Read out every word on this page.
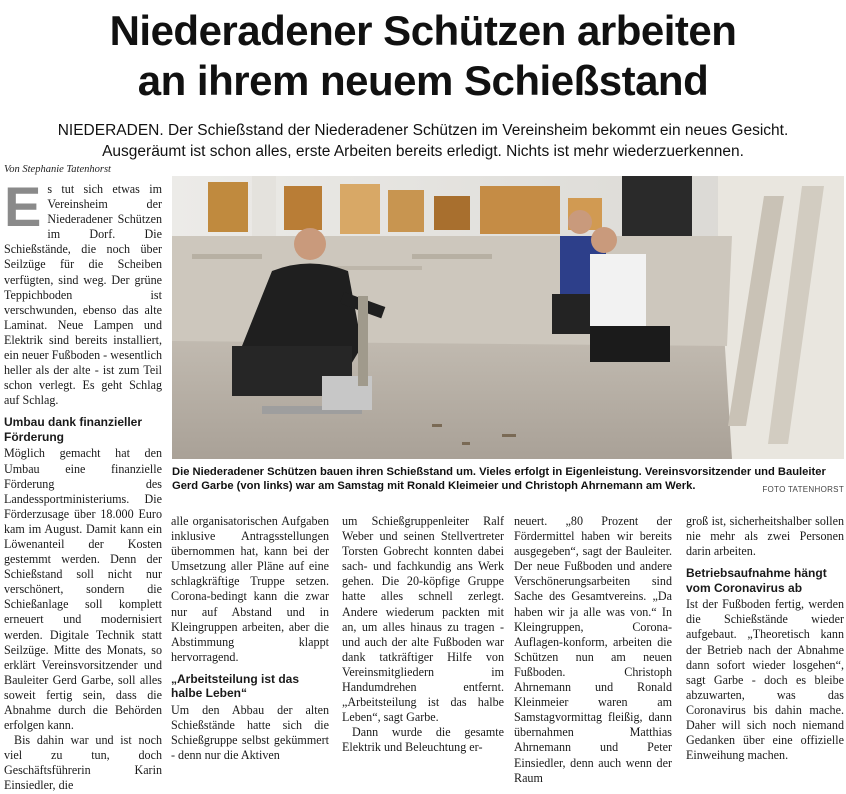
Niederadener Schützen arbeiten
an ihrem neuem Schießstand
NIEDERADEN. Der Schießstand der Niederadener Schützen im Vereinsheim bekommt ein neues Gesicht.
Ausgeräumt ist schon alles, erste Arbeiten bereits erledigt. Nichts ist mehr wiederzuerkennen.
Von Stephanie Tatenhorst

Es tut sich etwas im Vereinsheim der Niederadener Schützen im Dorf. Die Schießstände, die noch über Seilzüge für die Scheiben verfügten, sind weg. Der grüne Teppichboden ist verschwunden, ebenso das alte Laminat. Neue Lampen und Elektrik sind bereits installiert, ein neuer Fußboden - wesentlich heller als der alte - ist zum Teil schon verlegt. Es geht Schlag auf Schlag.

Umbau dank finanzieller Förderung

Möglich gemacht hat den Umbau eine finanzielle Förderung des Landessportministeriums. Die Förderzusage über 18.000 Euro kam im August. Damit kann ein Löwenanteil der Kosten gestemmt werden. Denn der Schießstand soll nicht nur verschönert, sondern die Schießanlage soll komplett erneuert und modernisiert werden. Digitale Technik statt Seilzüge. Mitte des Monats, so erklärt Vereinsvorsitzender und Bauleiter Gerd Garbe, soll alles soweit fertig sein, dass die Abnahme durch die Behörden erfolgen kann.

Bis dahin war und ist noch viel zu tun, doch Geschäftsführerin Karin Einsiedler, die

Die Niederadener Schützen bauen ihren Schießstand um. Vieles erfolgt in Eigenleistung. Vereinsvorsitzender und Bauleiter Gerd Garbe (von links) war am Samstag mit Ronald Kleimeier und Christoph Ahrnemann am Werk.	FOTO TATENHORST

alle organisatorischen Aufgaben inklusive Antragsstellungen übernommen hat, kann bei der Umsetzung aller Pläne auf eine schlagkräftige Truppe setzen. Corona-bedingt kann die zwar nur auf Abstand und in Kleingruppen arbeiten, aber die Abstimmung klappt hervorragend.

„Arbeitsteilung ist das halbe Leben“

Um den Abbau der alten Schießstände hatte sich die Schießgruppe selbst gekümmert - denn nur die Aktiven

um Schießgruppenleiter Ralf Weber und seinen Stellvertreter Torsten Gobrecht konnten dabei sach- und fachkundig ans Werk gehen. Die 20-köpfige Gruppe hatte alles schnell zerlegt. Andere wiederum packten mit an, um alles hinaus zu tragen - und auch der alte Fußboden war dank tatkräftiger Hilfe von Vereinsmitgliedern im Handumdrehen entfernt. „Arbeitsteilung ist das halbe Leben“, sagt Garbe.

Dann wurde die gesamte Elektrik und Beleuchtung er-

neuert. „80 Prozent der Fördermittel haben wir bereits ausgegeben“, sagt der Bauleiter. Der neue Fußboden und andere Verschönerungsarbeiten sind Sache des Gesamtvereins. „Da haben wir ja alle was von.“ In Kleingruppen, Corona-Auflagen-konform, arbeiten die Schützen nun am neuen Fußboden. Christoph Ahrnemann und Ronald Kleinmeier waren am Samstagvormittag fleißig, dann übernahmen Matthias Ahrnemann und Peter Einsiedler, denn auch wenn der Raum

groß ist, sicherheitshalber sollen nie mehr als zwei Personen darin arbeiten.

Betriebsaufnahme hängt vom Coronavirus ab

Ist der Fußboden fertig, werden die Schießstände wieder aufgebaut. „Theoretisch kann der Betrieb nach der Abnahme dann sofort wieder losgehen“, sagt Garbe - doch es bleibe abzuwarten, was das Coronavirus bis dahin mache. Daher will sich noch niemand Gedanken über eine offizielle Einweihung machen.
